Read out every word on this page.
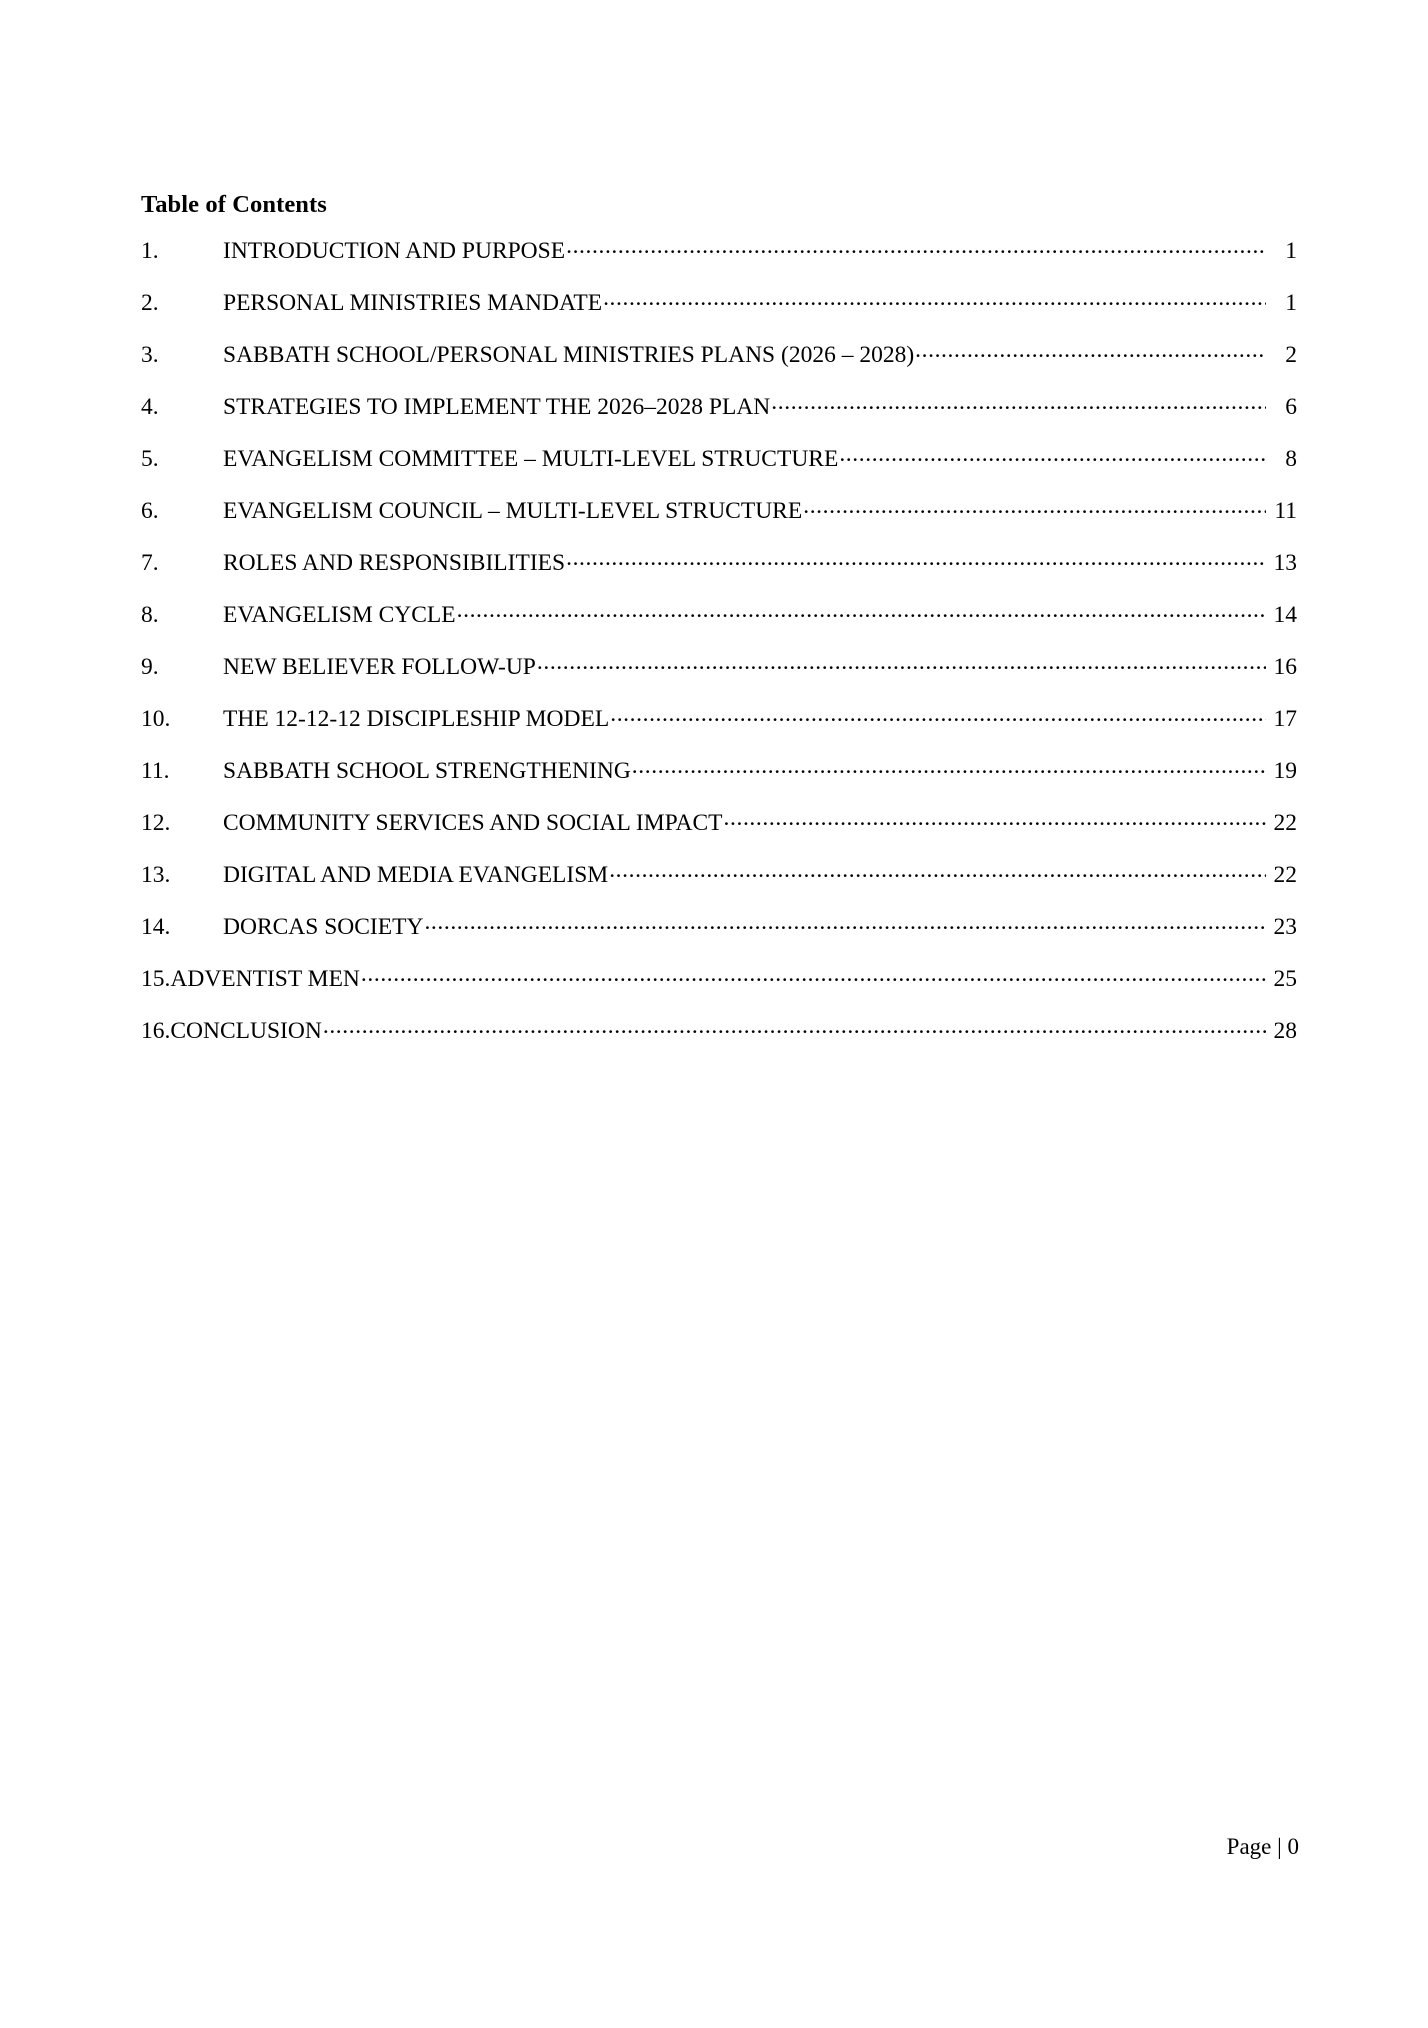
Table of Contents
1.	INTRODUCTION AND PURPOSE .....	1
2.	PERSONAL MINISTRIES MANDATE .....	1
3.	SABBATH SCHOOL/PERSONAL MINISTRIES PLANS (2026 – 2028) .....	2
4.	STRATEGIES TO IMPLEMENT THE 2026–2028 PLAN .....	6
5.	EVANGELISM COMMITTEE – MULTI-LEVEL STRUCTURE .....	8
6.	EVANGELISM COUNCIL – MULTI-LEVEL STRUCTURE .....	11
7.	ROLES AND RESPONSIBILITIES .....	13
8.	EVANGELISM CYCLE .....	14
9.	NEW BELIEVER FOLLOW-UP .....	16
10.	THE 12-12-12 DISCIPLESHIP MODEL .....	17
11.	SABBATH SCHOOL STRENGTHENING .....	19
12.	COMMUNITY SERVICES AND SOCIAL IMPACT .....	22
13.	DIGITAL AND MEDIA EVANGELISM .....	22
14.	DORCAS SOCIETY .....	23
15. ADVENTIST MEN .....	25
16. CONCLUSION .....	28
Page | 0
